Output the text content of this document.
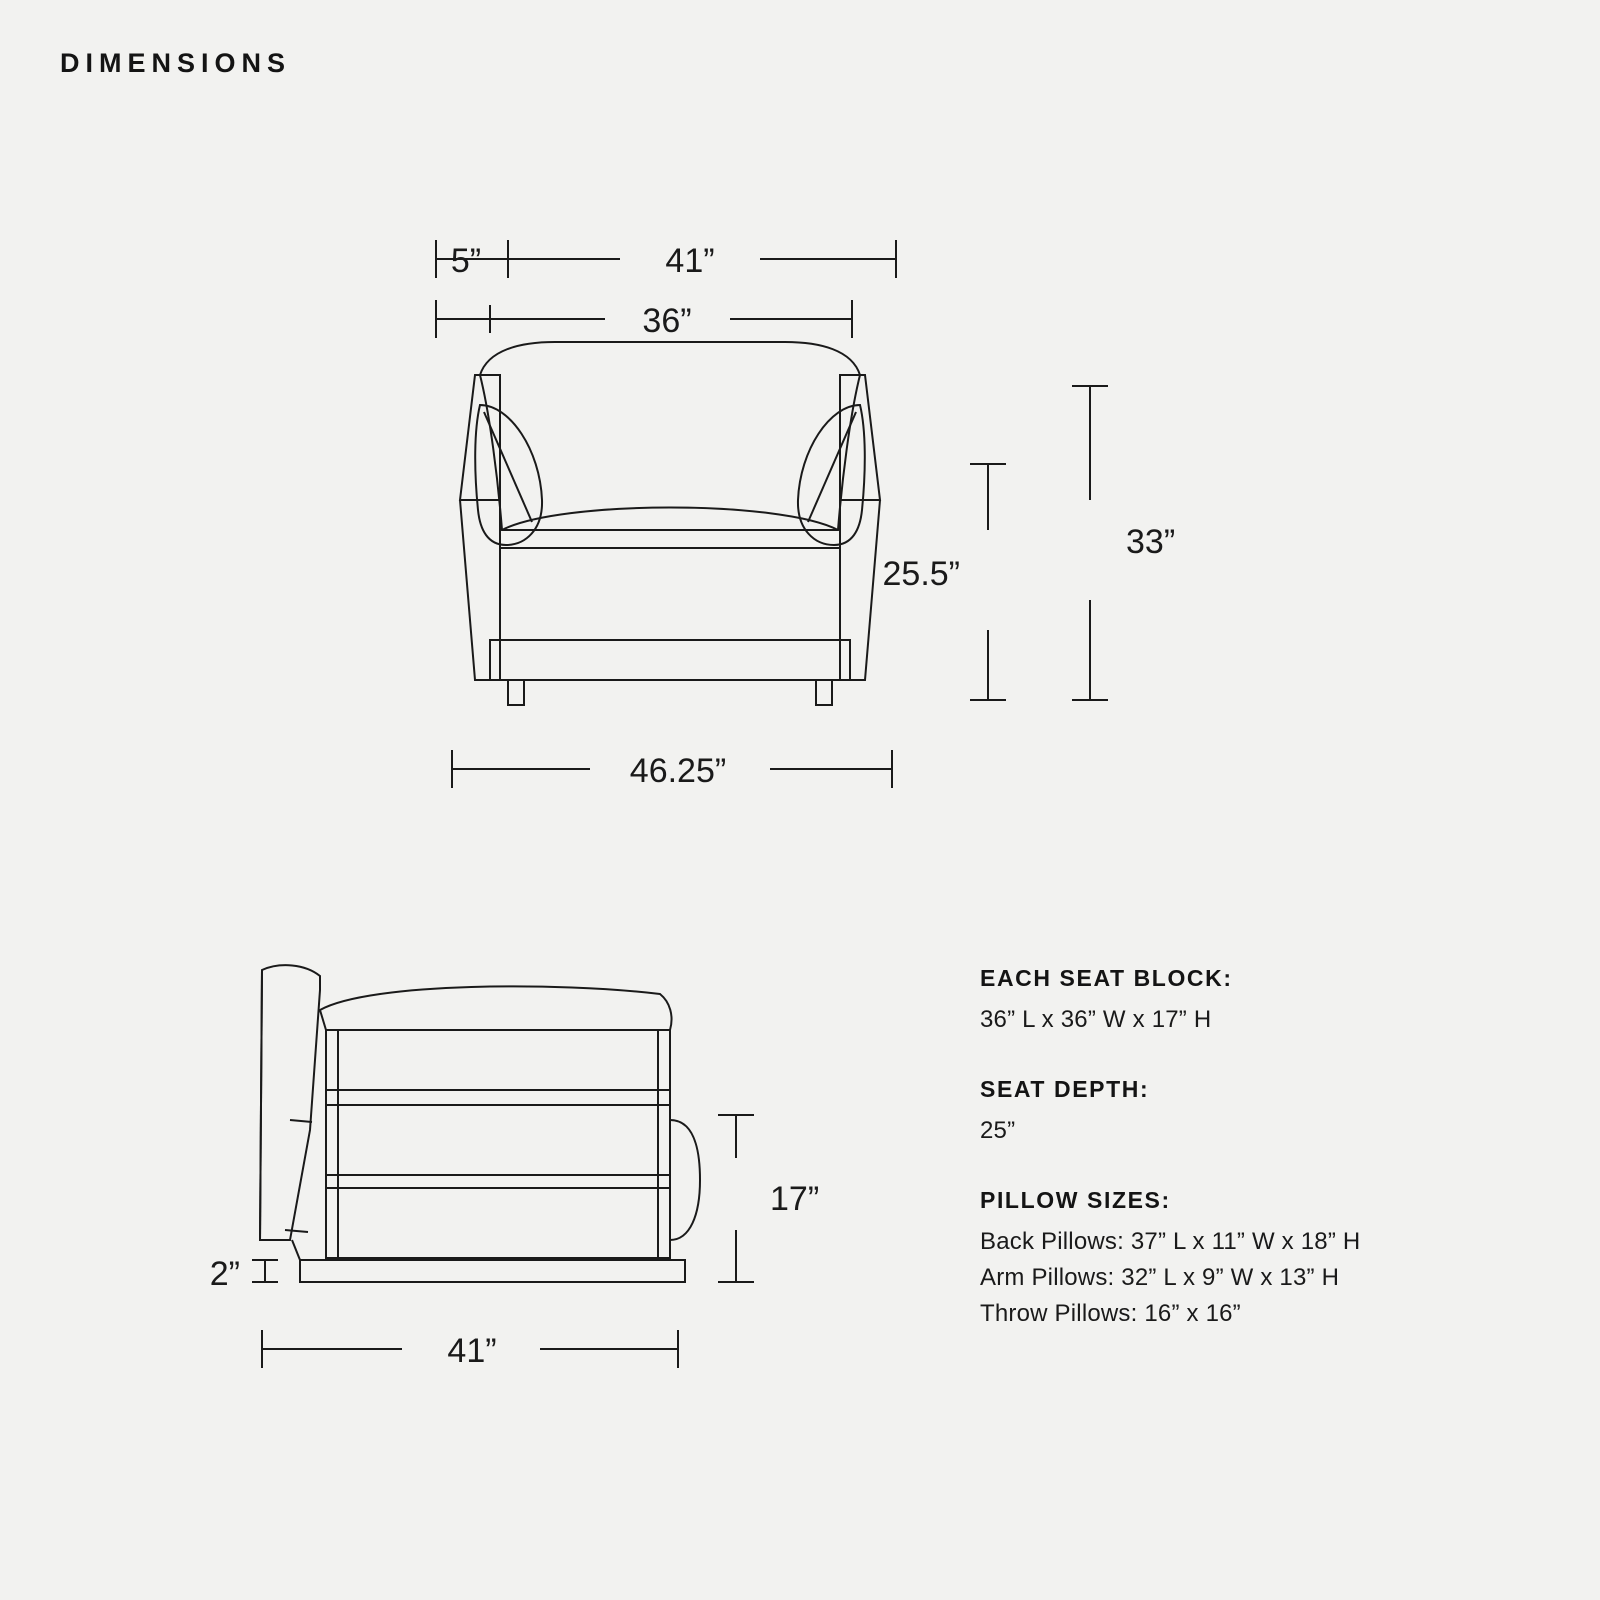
DIMENSIONS
5”	41”
36”
25.5”
33”
46.25”
17”
2”
41”
EACH SEAT BLOCK:
36” L x 36” W x 17” H
SEAT DEPTH:
25”
PILLOW SIZES:
Back Pillows: 37” L x 11” W x 18” H
Arm Pillows: 32” L x 9” W x 13” H
Throw Pillows: 16” x 16”
